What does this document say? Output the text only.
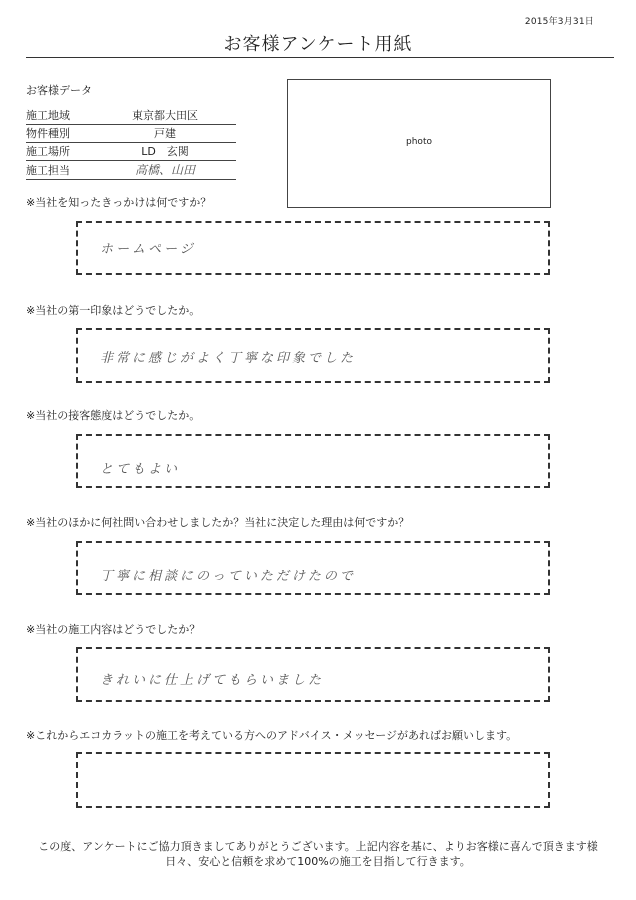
2015年3月31日
お客様アンケート用紙
お客様データ
施工地域	東京都大田区
物件種別	戸建
施工場所	LD　玄関
施工担当	高橋、山田
photo
※当社を知ったきっかけは何ですか？
ホームページ
※当社の第一印象はどうでしたか。
非常に感じがよく丁寧な印象でした
※当社の接客態度はどうでしたか。
とてもよい
※当社のほかに何社問い合わせしましたか？当社に決定した理由は何ですか？
丁寧に相談にのっていただけたので
※当社の施工内容はどうでしたか？
きれいに仕上げてもらいました
※これからエコカラットの施工を考えている方へのアドバイス・メッセージがあればお願いします。
この度、アンケートにご協力頂きましてありがとうございます。上記内容を基に、よりお客様に喜んで頂きます様
日々、安心と信頼を求めて100%の施工を目指して行きます。
